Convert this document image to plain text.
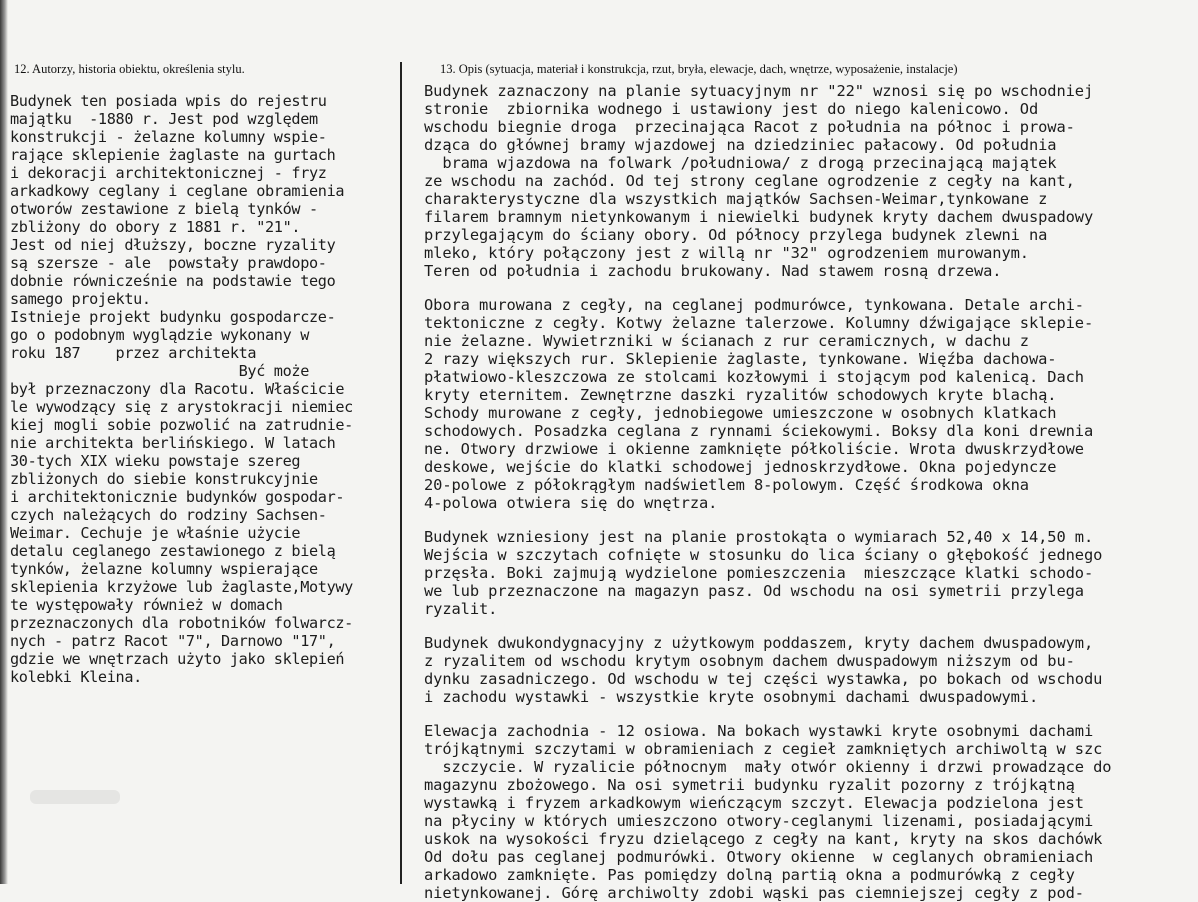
12. Autorzy, historia obiektu, określenia stylu.	13. Opis (sytuacja, materiał i konstrukcja, rzut, bryła, elewacje, dach, wnętrze, wyposażenie, instalacje)
Budynek ten posiada wpis do rejestru
majątku  -1880 r. Jest pod względem
konstrukcji - żelazne kolumny wspie-
rające sklepienie żaglaste na gurtach
i dekoracji architektonicznej - fryz
arkadkowy ceglany i ceglane obramienia
otworów zestawione z bielą tynków -
zbliżony do obory z 1881 r. "21".
Jest od niej dłuższy, boczne ryzality
są szersze - ale  powstały prawdopo-
dobnie równicześnie na podstawie tego
samego projektu.
Istnieje projekt budynku gospodarcze-
go o podobnym wyglądzie wykonany w
roku 187    przez architekta
Być może
był przeznaczony dla Racotu. Właścicie
le wywodzący się z arystokracji niemiec
kiej mogli sobie pozwolić na zatrudnie-
nie architekta berlińskiego. W latach
30-tych XIX wieku powstaje szereg
zbliżonych do siebie konstrukcyjnie
i architektonicznie budynków gospodar-
czych należących do rodziny Sachsen-
Weimar. Cechuje je właśnie użycie
detalu ceglanego zestawionego z bielą
tynków, żelazne kolumny wspierające
sklepienia krzyżowe lub żaglaste,Motywy
te występowały również w domach
przeznaczonych dla robotników folwarcz-
nych - patrz Racot "7", Darnowo "17",
gdzie we wnętrzach użyto jako sklepień
kolebki Kleina.
Budynek zaznaczony na planie sytuacyjnym nr "22" wznosi się po wschodniej
stronie  zbiornika wodnego i ustawiony jest do niego kalenicowo. Od
wschodu biegnie droga  przecinająca Racot z południa na północ i prowa-
dząca do głównej bramy wjazdowej na dziedziniec pałacowy. Od południa
brama wjazdowa na folwark /południowa/ z drogą przecinającą majątek
ze wschodu na zachód. Od tej strony ceglane ogrodzenie z cegły na kant,
charakterystyczne dla wszystkich majątków Sachsen-Weimar,tynkowane z
filarem bramnym nietynkowanym i niewielki budynek kryty dachem dwuspadowy
przylegającym do ściany obory. Od północy przylega budynek zlewni na
mleko, który połączony jest z willą nr "32" ogrodzeniem murowanym.
Teren od południa i zachodu brukowany. Nad stawem rosną drzewa.
Obora murowana z cegły, na ceglanej podmurówce, tynkowana. Detale archi-
tektoniczne z cegły. Kotwy żelazne talerzowe. Kolumny dźwigające sklepie-
nie żelazne. Wywietrzniki w ścianach z rur ceramicznych, w dachu z
2 razy większych rur. Sklepienie żaglaste, tynkowane. Więźba dachowa-
płatwiowo-kleszczowa ze stolcami kozłowymi i stojącym pod kalenicą. Dach
kryty eternitem. Zewnętrzne daszki ryzalitów schodowych kryte blachą.
Schody murowane z cegły, jednobiegowe umieszczone w osobnych klatkach
schodowych. Posadzka ceglana z rynnami ściekowymi. Boksy dla koni drewnia
ne. Otwory drzwiowe i okienne zamknięte półkoliście. Wrota dwuskrzydłowe
deskowe, wejście do klatki schodowej jednoskrzydłowe. Okna pojedyncze
20-polowe z półokrągłym nadświetlem 8-polowym. Część środkowa okna
4-polowa otwiera się do wnętrza.
Budynek wzniesiony jest na planie prostokąta o wymiarach 52,40 x 14,50 m.
Wejścia w szczytach cofnięte w stosunku do lica ściany o głębokość jednego
przęsła. Boki zajmują wydzielone pomieszczenia  mieszczące klatki schodo-
we lub przeznaczone na magazyn pasz. Od wschodu na osi symetrii przylega
ryzalit.
Budynek dwukondygnacyjny z użytkowym poddaszem, kryty dachem dwuspadowym,
z ryzalitem od wschodu krytym osobnym dachem dwuspadowym niższym od bu-
dynku zasadniczego. Od wschodu w tej części wystawka, po bokach od wschodu
i zachodu wystawki - wszystkie kryte osobnymi dachami dwuspadowymi.
Elewacja zachodnia - 12 osiowa. Na bokach wystawki kryte osobnymi dachami
trójkątnymi szczytami w obramieniach z cegieł zamkniętych archiwoltą w szc
szczycie. W ryzalicie północnym  mały otwór okienny i drzwi prowadzące do
magazynu zbożowego. Na osi symetrii budynku ryzalit pozorny z trójkątną
wystawką i fryzem arkadkowym wieńczącym szczyt. Elewacja podzielona jest
na płyciny w których umieszczono otwory-ceglanymi lizenami, posiadającymi
uskok na wysokości fryzu dzielącego z cegły na kant, kryty na skos dachówk
Od dołu pas ceglanej podmurówki. Otwory okienne  w ceglanych obramieniach
arkadowo zamknięte. Pas pomiędzy dolną partią okna a podmurówką z cegły
nietynkowanej. Górę archiwolty zdobi wąski pas ciemniejszej cegły z pod-
